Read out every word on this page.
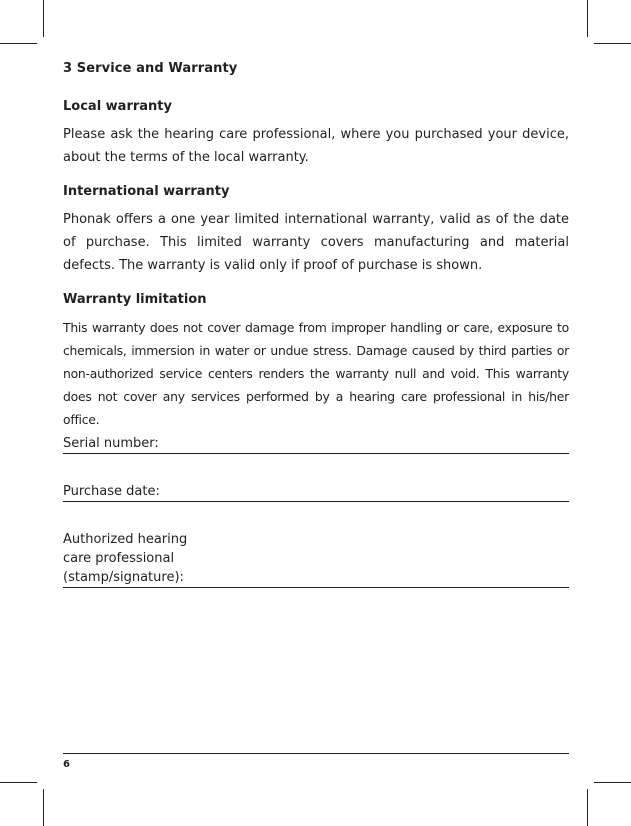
3 Service and Warranty
Local warranty
Please ask the hearing care professional, where you purchased your device, about the terms of the local warranty.
International warranty
Phonak offers a one year limited international warranty, valid as of the date of purchase. This limited warranty covers manufacturing and material defects. The warranty is valid only if proof of purchase is shown.
Warranty limitation
This warranty does not cover damage from improper handling or care, exposure to chemicals, immersion in water or undue stress. Damage caused by third parties or non-authorized service centers renders the warranty null and void. This warranty does not cover any services performed by a hearing care professional in his/her office.
Serial number:
Purchase date:
Authorized hearing
care professional
(stamp/signature):
6
